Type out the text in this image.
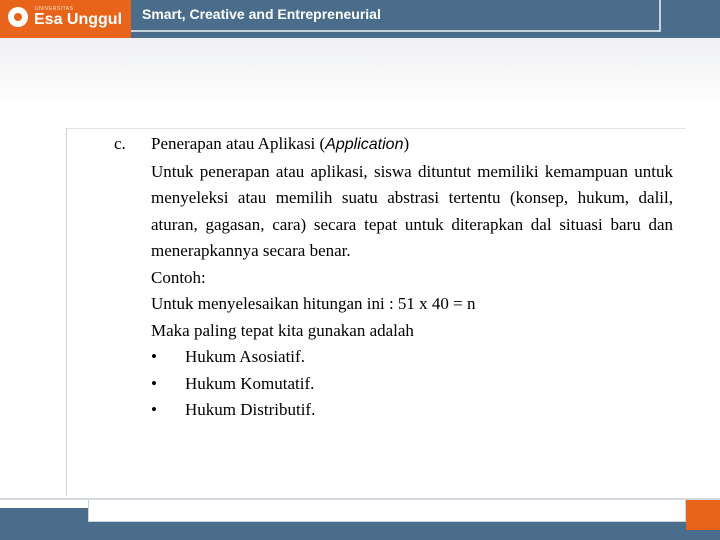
UNIVERSITAS
Esa Unggul Smart, Creative and Entrepreneurial
c. Penerapan atau Aplikasi (Application)
Untuk penerapan atau aplikasi, siswa dituntut memiliki kemampuan untuk menyeleksi atau memilih suatu abstrasi tertentu (konsep, hukum, dalil, aturan, gagasan, cara) secara tepat untuk diterapkan dal situasi baru dan menerapkannya secara benar.
Contoh:
Untuk menyelesaikan hitungan ini : 51 x 40 = n
Maka paling tepat kita gunakan adalah
• Hukum Asosiatif.
• Hukum Komutatif.
• Hukum Distributif.
